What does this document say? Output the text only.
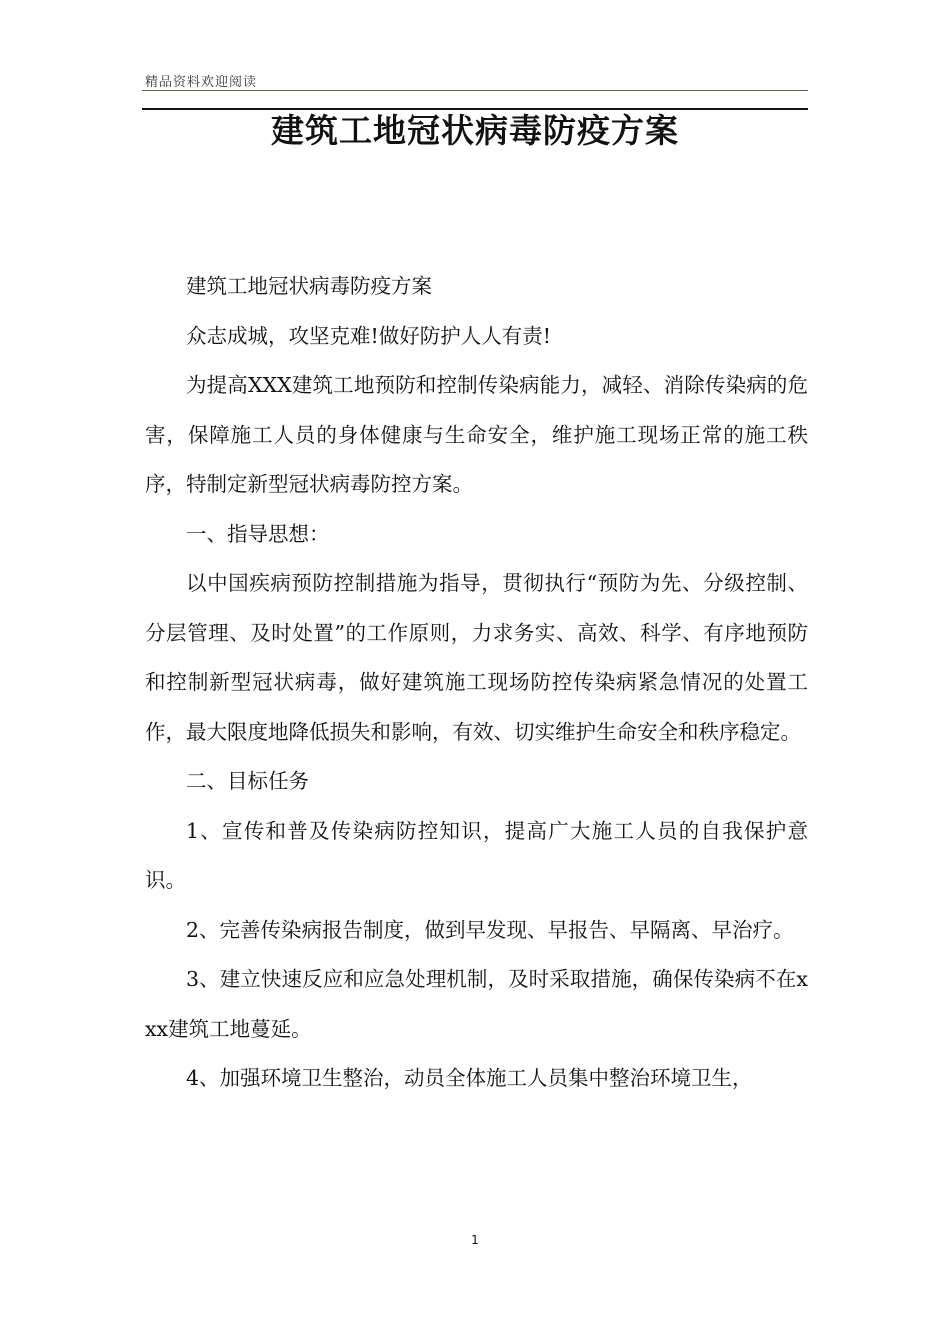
精品资料欢迎阅读
建筑工地冠状病毒防疫方案

建筑工地冠状病毒防疫方案

众志成城，攻坚克难!做好防护人人有责!

为提高XXX建筑工地预防和控制传染病能力，减轻、消除传染病的危害，保障施工人员的身体健康与生命安全，维护施工现场正常的施工秩序，特制定新型冠状病毒防控方案。

一、指导思想：

以中国疾病预防控制措施为指导，贯彻执行“预防为先、分级控制、分层管理、及时处置”的工作原则，力求务实、高效、科学、有序地预防和控制新型冠状病毒，做好建筑施工现场防控传染病紧急情况的处置工作，最大限度地降低损失和影响，有效、切实维护生命安全和秩序稳定。

二、目标任务

1、宣传和普及传染病防控知识，提高广大施工人员的自我保护意识。

2、完善传染病报告制度，做到早发现、早报告、早隔离、早治疗。

3、建立快速反应和应急处理机制，及时采取措施，确保传染病不在xxx建筑工地蔓延。

4、加强环境卫生整治，动员全体施工人员集中整治环境卫生，

1
